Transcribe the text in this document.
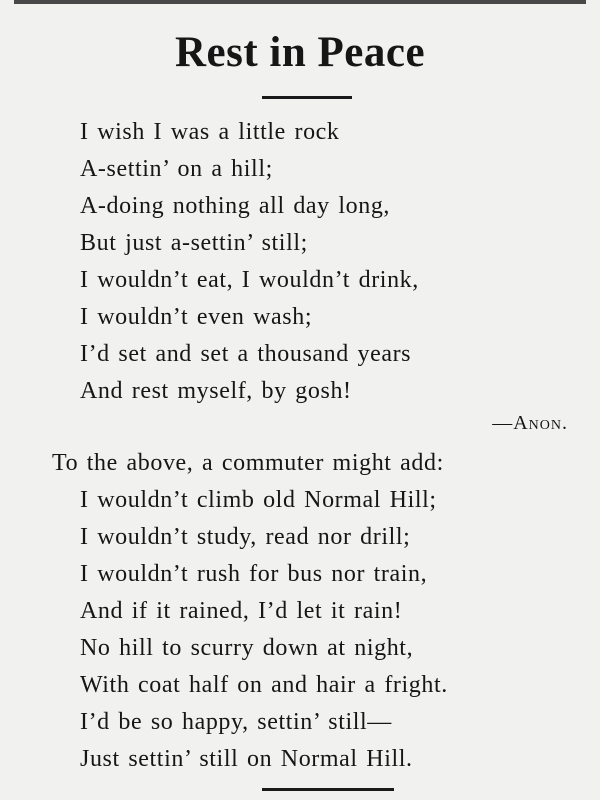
Rest in Peace
I wish I was a little rock
A-settin’ on a hill;
A-doing nothing all day long,
But just a-settin’ still;
I wouldn’t eat, I wouldn’t drink,
I wouldn’t even wash;
I’d set and set a thousand years
And rest myself, by gosh!
—Anon.
To the above, a commuter might add:
I wouldn’t climb old Normal Hill;
I wouldn’t study, read nor drill;
I wouldn’t rush for bus nor train,
And if it rained, I’d let it rain!
No hill to scurry down at night,
With coat half on and hair a fright.
I’d be so happy, settin’ still—
Just settin’ still on Normal Hill.
